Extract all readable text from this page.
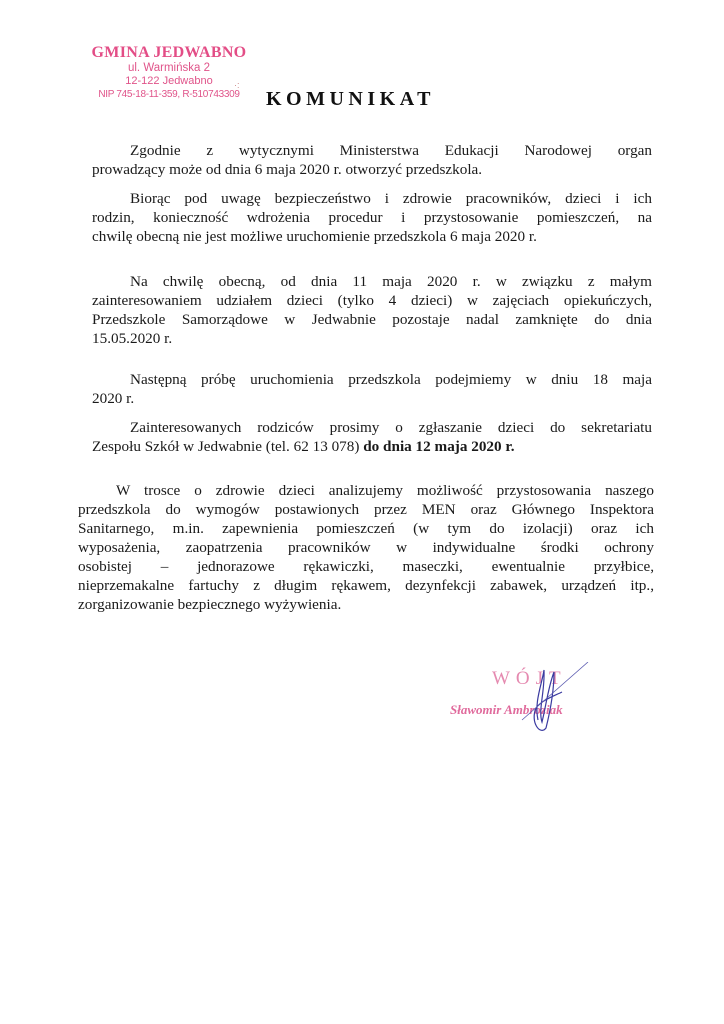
GMINA JEDWABNO
ul. Warmińska 2
12-122 Jedwabno
NIP 745-18-11-359, R-510743309
·:
KOMUNIKAT
Zgodnie z wytycznymi Ministerstwa Edukacji Narodowej organ
prowadzący może od dnia 6 maja 2020 r. otworzyć przedszkola.
Biorąc pod uwagę bezpieczeństwo i zdrowie pracowników, dzieci i ich
rodzin, konieczność wdrożenia procedur i przystosowanie pomieszczeń, na
chwilę obecną nie jest możliwe uruchomienie przedszkola 6 maja 2020 r.
Na chwilę obecną, od dnia 11 maja 2020 r. w związku z małym
zainteresowaniem udziałem dzieci (tylko 4 dzieci) w zajęciach opiekuńczych,
Przedszkole Samorządowe w Jedwabnie pozostaje nadal zamknięte do dnia
15.05.2020 r.
Następną próbę uruchomienia przedszkola podejmiemy w dniu 18 maja
2020 r.
Zainteresowanych rodziców prosimy o zgłaszanie dzieci do sekretariatu
Zespołu Szkół w Jedwabnie (tel. 62 13 078) do dnia 12 maja 2020 r.
W trosce o zdrowie dzieci analizujemy możliwość przystosowania naszego
przedszkola do wymogów postawionych przez MEN oraz Głównego Inspektora
Sanitarnego, m.in. zapewnienia pomieszczeń (w tym do izolacji) oraz ich
wyposażenia, zaopatrzenia pracowników w indywidualne środki ochrony
osobistej – jednorazowe rękawiczki, maseczki, ewentualnie przyłbice,
nieprzemakalne fartuchy z długim rękawem, dezynfekcji zabawek, urządzeń itp.,
zorganizowanie bezpiecznego wyżywienia.
WÓJT
Sławomir Ambroziak
